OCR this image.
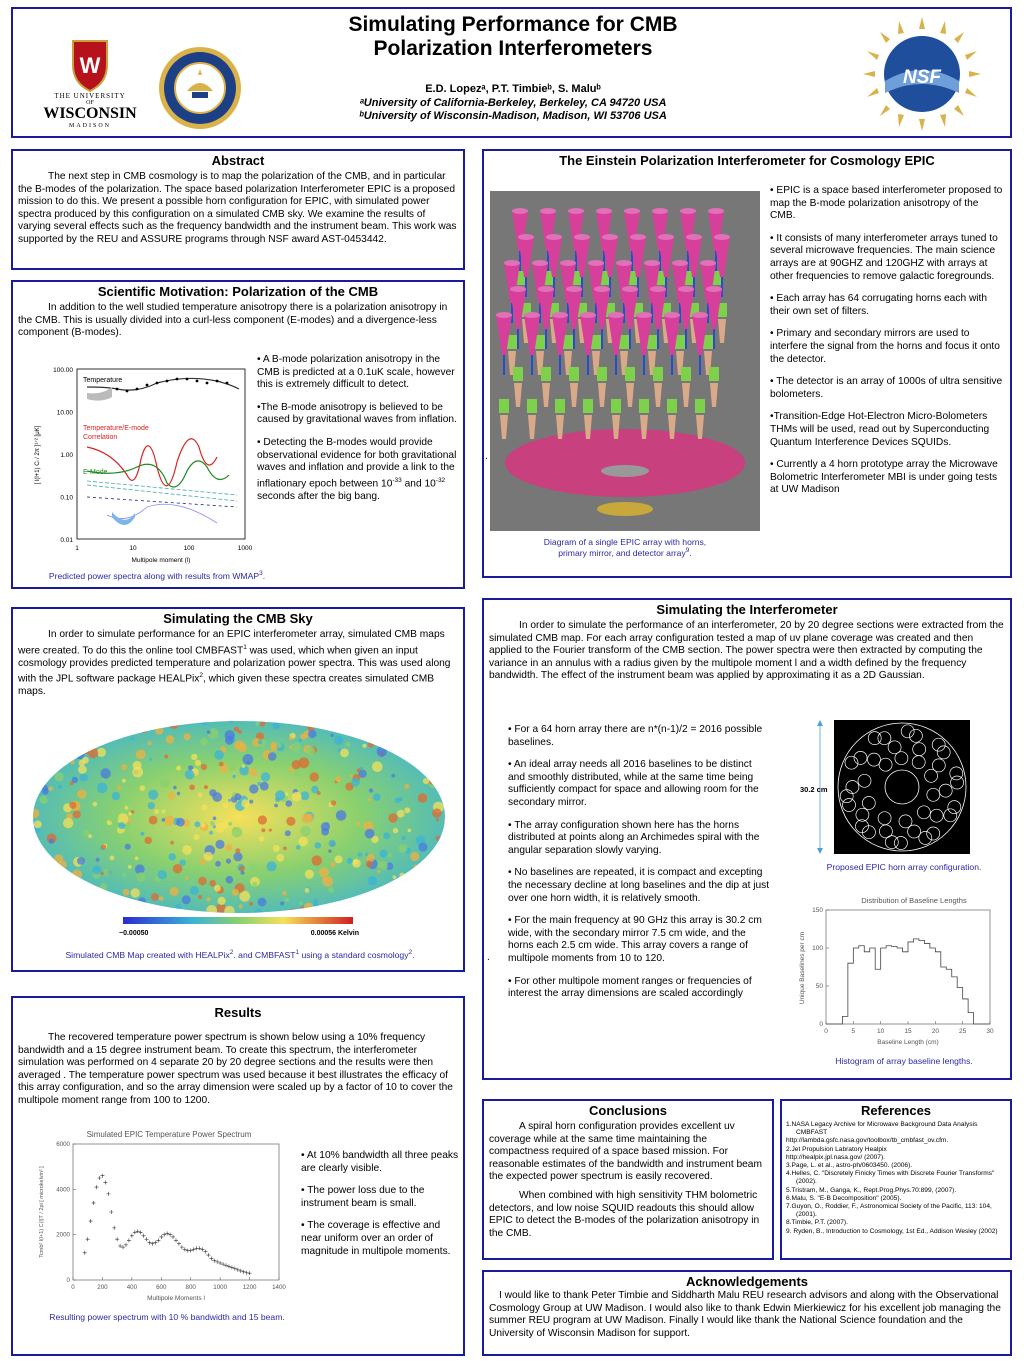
W
THE UNIVERSITY
OF
WISCONSIN
MADISON
Simulating Performance for CMB
Polarization Interferometers
E.D. Lopezᵃ, P.T. Timbieᵇ, S. Maluᵇ
ᵃUniversity of California-Berkeley, Berkeley, CA 94720 USA
ᵇUniversity of Wisconsin-Madison, Madison, WI 53706 USA
NSF
Abstract

The next step in CMB cosmology is to map the polarization of the CMB, and in particular the B-modes of the polarization. The space based polarization Interferometer EPIC is a proposed mission to do this. We present a possible horn configuration for EPIC, with simulated power spectra produced by this configuration on a simulated CMB sky. We examine the results of varying several effects such as the frequency bandwidth and the instrument beam. This work was supported by the REU and ASSURE programs through NSF award AST-0453442.

Scientific Motivation: Polarization of the CMB

In addition to the well studied temperature anisotropy there is a polarization anisotropy in the CMB. This is usually divided into a curl-less component (E-modes) and a divergence-less component (B-modes).

100.00
10.00
1.00
0.10
0.01
1	10	100	1000
Multipole moment (l)
[ l(l+1) Cₗ / 2π ]¹ᐟ² [μK]
Temperature
Temperature/E-mode
Correlation
E-Mode

• A B-mode polarization anisotropy in the CMB is predicted at a 0.1uK scale, however this is extremely difficult to detect.

•The B-mode anisotropy is believed to be caused by gravitational waves from inflation.

• Detecting the B-modes would provide observational evidence for both gravitational waves and inflation and provide a link to the inflationary epoch between $10^{-33}$ and $10^{-32}$ seconds after the big bang.

Predicted power spectra along with results from WMAP$^3$.
The Einstein Polarization Interferometer for Cosmology EPIC
.
Diagram of a single EPIC array with horns,
primary mirror, and detector array$^9$.

• EPIC is a space based interferometer proposed to map the B-mode polarization anisotropy of the CMB.

• It consists of many interferometer arrays tuned to several microwave frequencies. The main science arrays are at 90GHZ and 120GHZ with arrays at other frequencies to remove galactic foregrounds.

• Each array has 64 corrugating horns each with their own set of filters.

• Primary and secondary mirrors are used to interfere the signal from the horns and focus it onto the detector.

• The detector is an array of 1000s of ultra sensitive bolometers.

•Transition-Edge Hot-Electron Micro-Bolometers THMs will be used, read out by Superconducting Quantum Interference Devices SQUIDs.

• Currently a 4 horn prototype array the Microwave Bolometric Interferometer MBI is under going tests at UW Madison

Simulating the CMB Sky

In order to simulate performance for an EPIC interferometer array, simulated CMB maps were created. To do this the online tool CMBFAST$^1$ was used, which when given an input cosmology provides predicted temperature and polarization power spectra. This was used along with the JPL software package HEALPix$^2$, which given these spectra creates simulated CMB maps.

−0.00050	0.00056 Kelvin
Simulated CMB Map created with HEALPix$^2$. and CMBFAST$^1$ using a standard cosmology$^2$.
Simulating the Interferometer

In order to simulate the performance of an interferometer, 20 by 20 degree sections were extracted from the simulated CMB map. For each array configuration tested a map of uv plane coverage was created and then applied to the Fourier transform of the CMB section. The power spectra were then extracted by computing the variance in an annulus with a radius given by the multipole moment l and a width defined by the frequency bandwidth. The effect of the instrument beam was applied by approximating it as a 2D Gaussian.

.

• For a 64 horn array there are n*(n-1)/2 = 2016 possible baselines.

• An ideal array needs all 2016 baselines to be distinct and smoothly distributed, while at the same time being sufficiently compact for space and allowing room for the secondary mirror.

• The array configuration shown here has the horns distributed at points along an Archimedes spiral with the angular separation slowly varying.

• No baselines are repeated, it is compact and excepting the necessary decline at long baselines and the dip at just over one horn width, it is relatively smooth.

• For the main frequency at 90 GHz this array is 30.2 cm wide, with the secondary mirror 7.5 cm wide, and the horns each 2.5 cm wide. This array covers a range of multipole moments from 10 to 120.

• For other multipole moment ranges or frequencies of interest the array dimensions are scaled accordingly

30.2 cm
Proposed EPIC horn array configuration.
Distribution of Baseline Lengths
0	5	10	15	20	25	30
0
50
100
150
Baseline Length (cm)
Unique Baselines per cm
Histogram of array baseline lengths.
Results

The recovered temperature power spectrum is shown below using a 10% frequency bandwidth and a 15 degree instrument beam. To create this spectrum, the interferometer simulation was performed on 4 separate 20 by 20 degree sections and the results were then averaged . The temperature power spectrum was used because it best illustrates the efficacy of this array configuration, and so the array dimension were scaled up by a factor of 10 to cover the multipole moment range from 100 to 1200.

Simulated EPIC Temperature Power Spectrum
0	200	400	600	800	1000	1200	1400
0
2000
4000
6000
Multipole Moments l
Tcmb² l(l+1) C(l)T / 2pi [ microkelvin² ]

• At 10% bandwidth all three peaks are clearly visible.

• The power loss due to the instrument beam is small.

• The coverage is effective and near uniform over an order of magnitude in multipole moments.

Resulting power spectrum with 10 % bandwidth and 15 beam.
Conclusions

A spiral horn configuration provides excellent uv coverage while at the same time maintaining the compactness required of a space based mission. For reasonable estimates of the bandwidth and instrument beam the expected power spectrum is easily recovered.

When combined with high sensitivity THM bolometric detectors, and low noise SQUID readouts this should allow EPIC to detect the B-modes of the polarization anisotropy in the CMB.

References
1.NASA Legacy Archive for Microwave Background Data Analysis CMBFAST
http://lambda.gsfc.nasa.gov/toolbox/tb_cmbfast_ov.cfm.
2.Jet Propulsion Labratory Healpix
http://healpix.jpl.nasa.gov/ (2007).
3.Page, L. et al., astro-ph/0603450. (2006).
4.Helles, C. "Discretely Finicky Times with Discrete Fourier Transforms" (2002).
5.Tristram, M., Ganga, K., Rept.Prog.Phys.70:899, (2007).
6.Malu, S. "E-B Decomposition" (2005).
7.Guyon, O., Roddier, F., Astronomical Society of the Pacific, 113: 104, (2001).
8.Timbie, P.T. (2007).
9. Ryden, B., Introduction to Cosmology, 1st Ed., Addison Wesley (2002)
Acknowledgements

I would like to thank Peter Timbie and Siddharth Malu REU research advisors and along with the Observational Cosmology Group at UW Madison. I would also like to thank Edwin Mierkiewicz for his excellent job managing the summer REU program at UW Madison. Finally I would like thank the National Science foundation and the University of Wisconsin Madison for support.
